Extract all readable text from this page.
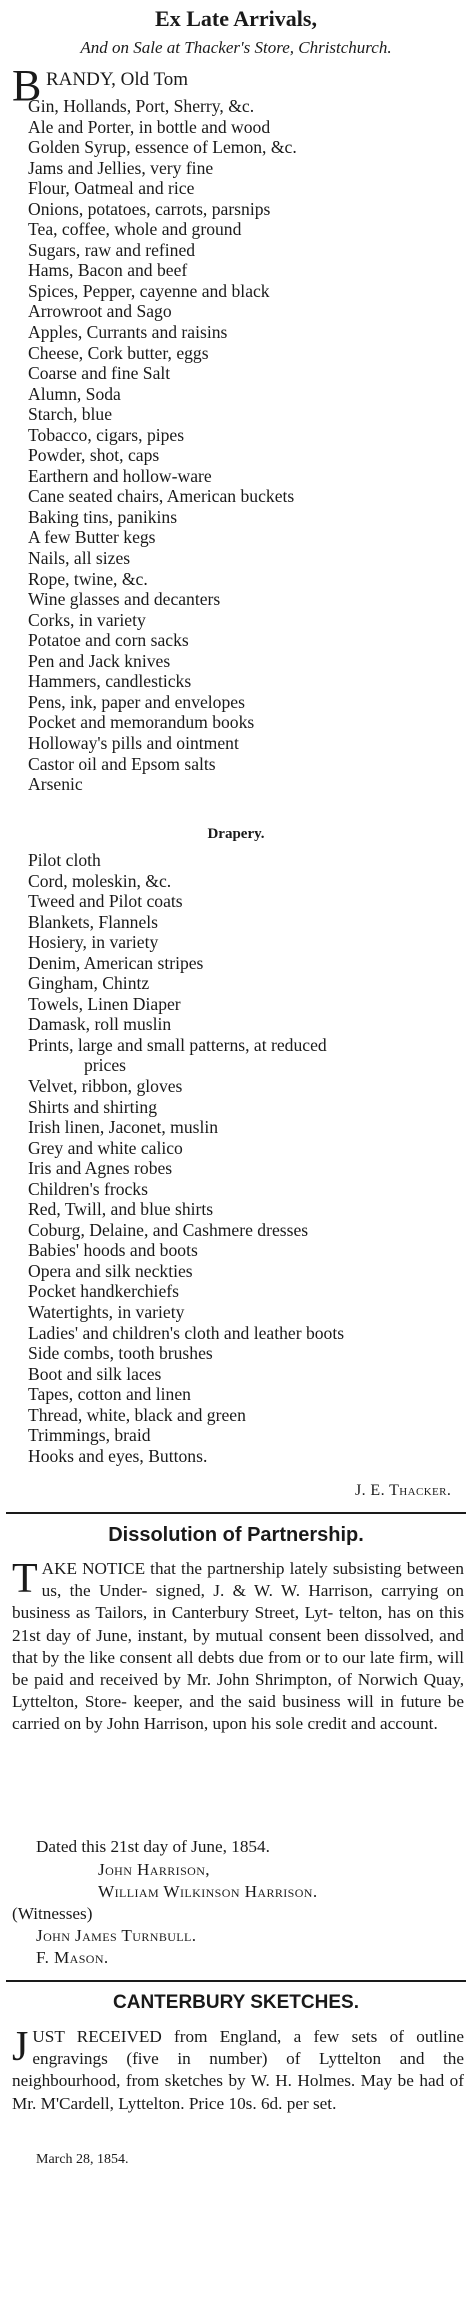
Ex Late Arrivals,
And on Sale at Thacker's Store, Christchurch.
B RANDY, Old Tom
Gin, Hollands, Port, Sherry, &c.
Ale and Porter, in bottle and wood
Golden Syrup, essence of Lemon, &c.
Jams and Jellies, very fine
Flour, Oatmeal and rice
Onions, potatoes, carrots, parsnips
Tea, coffee, whole and ground
Sugars, raw and refined
Hams, Bacon and beef
Spices, Pepper, cayenne and black
Arrowroot and Sago
Apples, Currants and raisins
Cheese, Cork butter, eggs
Coarse and fine Salt
Alumn, Soda
Starch, blue
Tobacco, cigars, pipes
Powder, shot, caps
Earthern and hollow-ware
Cane seated chairs, American buckets
Baking tins, panikins
A few Butter kegs
Nails, all sizes
Rope, twine, &c.
Wine glasses and decanters
Corks, in variety
Potatoe and corn sacks
Pen and Jack knives
Hammers, candlesticks
Pens, ink, paper and envelopes
Pocket and memorandum books
Holloway's pills and ointment
Castor oil and Epsom salts
Arsenic
Drapery.
Pilot cloth
Cord, moleskin, &c.
Tweed and Pilot coats
Blankets, Flannels
Hosiery, in variety
Denim, American stripes
Gingham, Chintz
Towels, Linen Diaper
Damask, roll muslin
Prints, large and small patterns, at reduced
prices
Velvet, ribbon, gloves
Shirts and shirting
Irish linen, Jaconet, muslin
Grey and white calico
Iris and Agnes robes
Children's frocks
Red, Twill, and blue shirts
Coburg, Delaine, and Cashmere dresses
Babies' hoods and boots
Opera and silk neckties
Pocket handkerchiefs
Watertights, in variety
Ladies' and children's cloth and leather boots
Side combs, tooth brushes
Boot and silk laces
Tapes, cotton and linen
Thread, white, black and green
Trimmings, braid
Hooks and eyes, Buttons.
J. E. Thacker.
Dissolution of Partnership.
T AKE NOTICE that the partnership lately subsisting between us, the Under- signed, J. & W. W. Harrison, carrying on business as Tailors, in Canterbury Street, Lyt- telton, has on this 21st day of June, instant, by mutual consent been dissolved, and that by the like consent all debts due from or to our late firm, will be paid and received by Mr. John Shrimpton, of Norwich Quay, Lyttelton, Store- keeper, and the said business will in future be carried on by John Harrison, upon his sole credit and account.
Dated this 21st day of June, 1854.
John Harrison,
William Wilkinson Harrison.
(Witnesses)
John James Turnbull.
F. Mason.
CANTERBURY SKETCHES.
J UST RECEIVED from England, a few sets of outline engravings (five in number) of Lyttelton and the neighbourhood, from sketches by W. H. Holmes. May be had of Mr. M'Cardell, Lyttelton. Price 10s. 6d. per set.
March 28, 1854.
